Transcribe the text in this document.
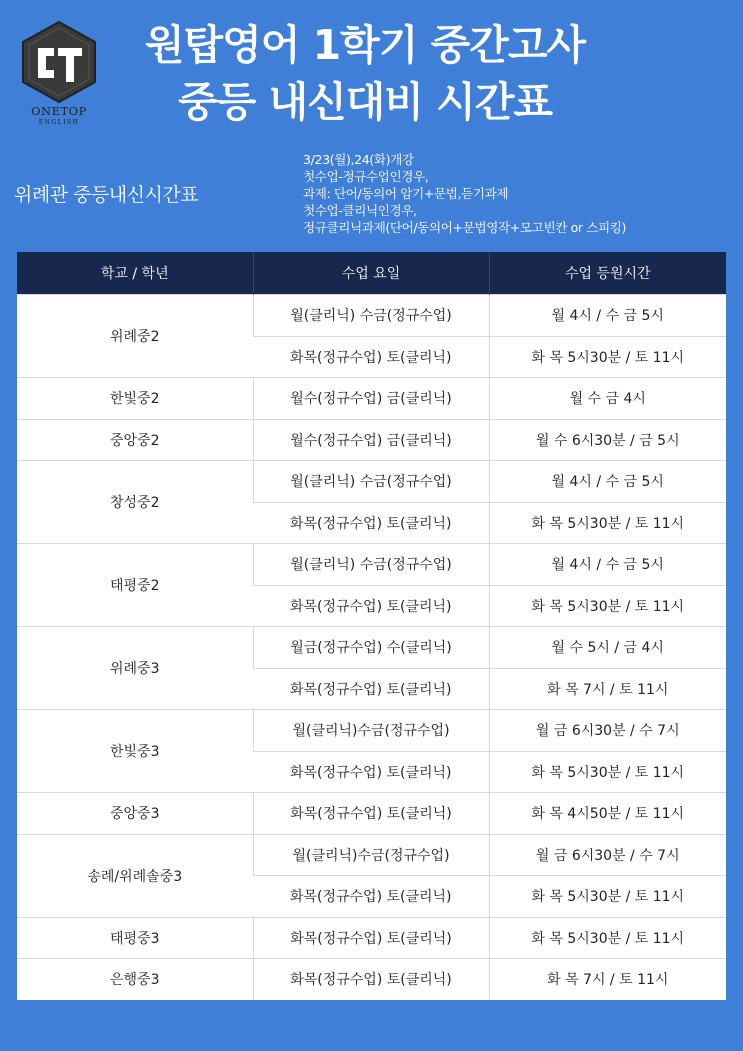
ONETOP
ENGLISH
원탑영어 1학기 중간고사
중등 내신대비 시간표
위례관 중등내신시간표
3/23(월),24(화)개강
첫수업-정규수업인경우,
과제: 단어/동의어 암기+문법,듣기과제
첫수업-클리닉인경우,
정규클리닉과제(단어/동의어+문법영작+모고빈칸 or 스피킹)
학교 / 학년	수업 요일	수업 등원시간
위례중2	월(클리닉) 수금(정규수업)	월 4시 / 수 금 5시
	화목(정규수업) 토(클리닉)	화 목 5시30분 / 토 11시
한빛중2	월수(정규수업) 금(클리닉)	월 수 금 4시
중앙중2	월수(정규수업) 금(클리닉)	월 수 6시30분 / 금 5시
창성중2	월(클리닉) 수금(정규수업)	월 4시 / 수 금 5시
	화목(정규수업) 토(클리닉)	화 목 5시30분 / 토 11시
태평중2	월(클리닉) 수금(정규수업)	월 4시 / 수 금 5시
	화목(정규수업) 토(클리닉)	화 목 5시30분 / 토 11시
위례중3	월금(정규수업) 수(클리닉)	월 수 5시 / 금 4시
	화목(정규수업) 토(클리닉)	화 목 7시 / 토 11시
한빛중3	월(클리닉)수금(정규수업)	월 금 6시30분 / 수 7시
	화목(정규수업) 토(클리닉)	화 목 5시30분 / 토 11시
중앙중3	화목(정규수업) 토(클리닉)	화 목 4시50분 / 토 11시
송례/위례솔중3	월(클리닉)수금(정규수업)	월 금 6시30분 / 수 7시
	화목(정규수업) 토(클리닉)	화 목 5시30분 / 토 11시
태평중3	화목(정규수업) 토(클리닉)	화 목 5시30분 / 토 11시
은행중3	화목(정규수업) 토(클리닉)	화 목 7시 / 토 11시
